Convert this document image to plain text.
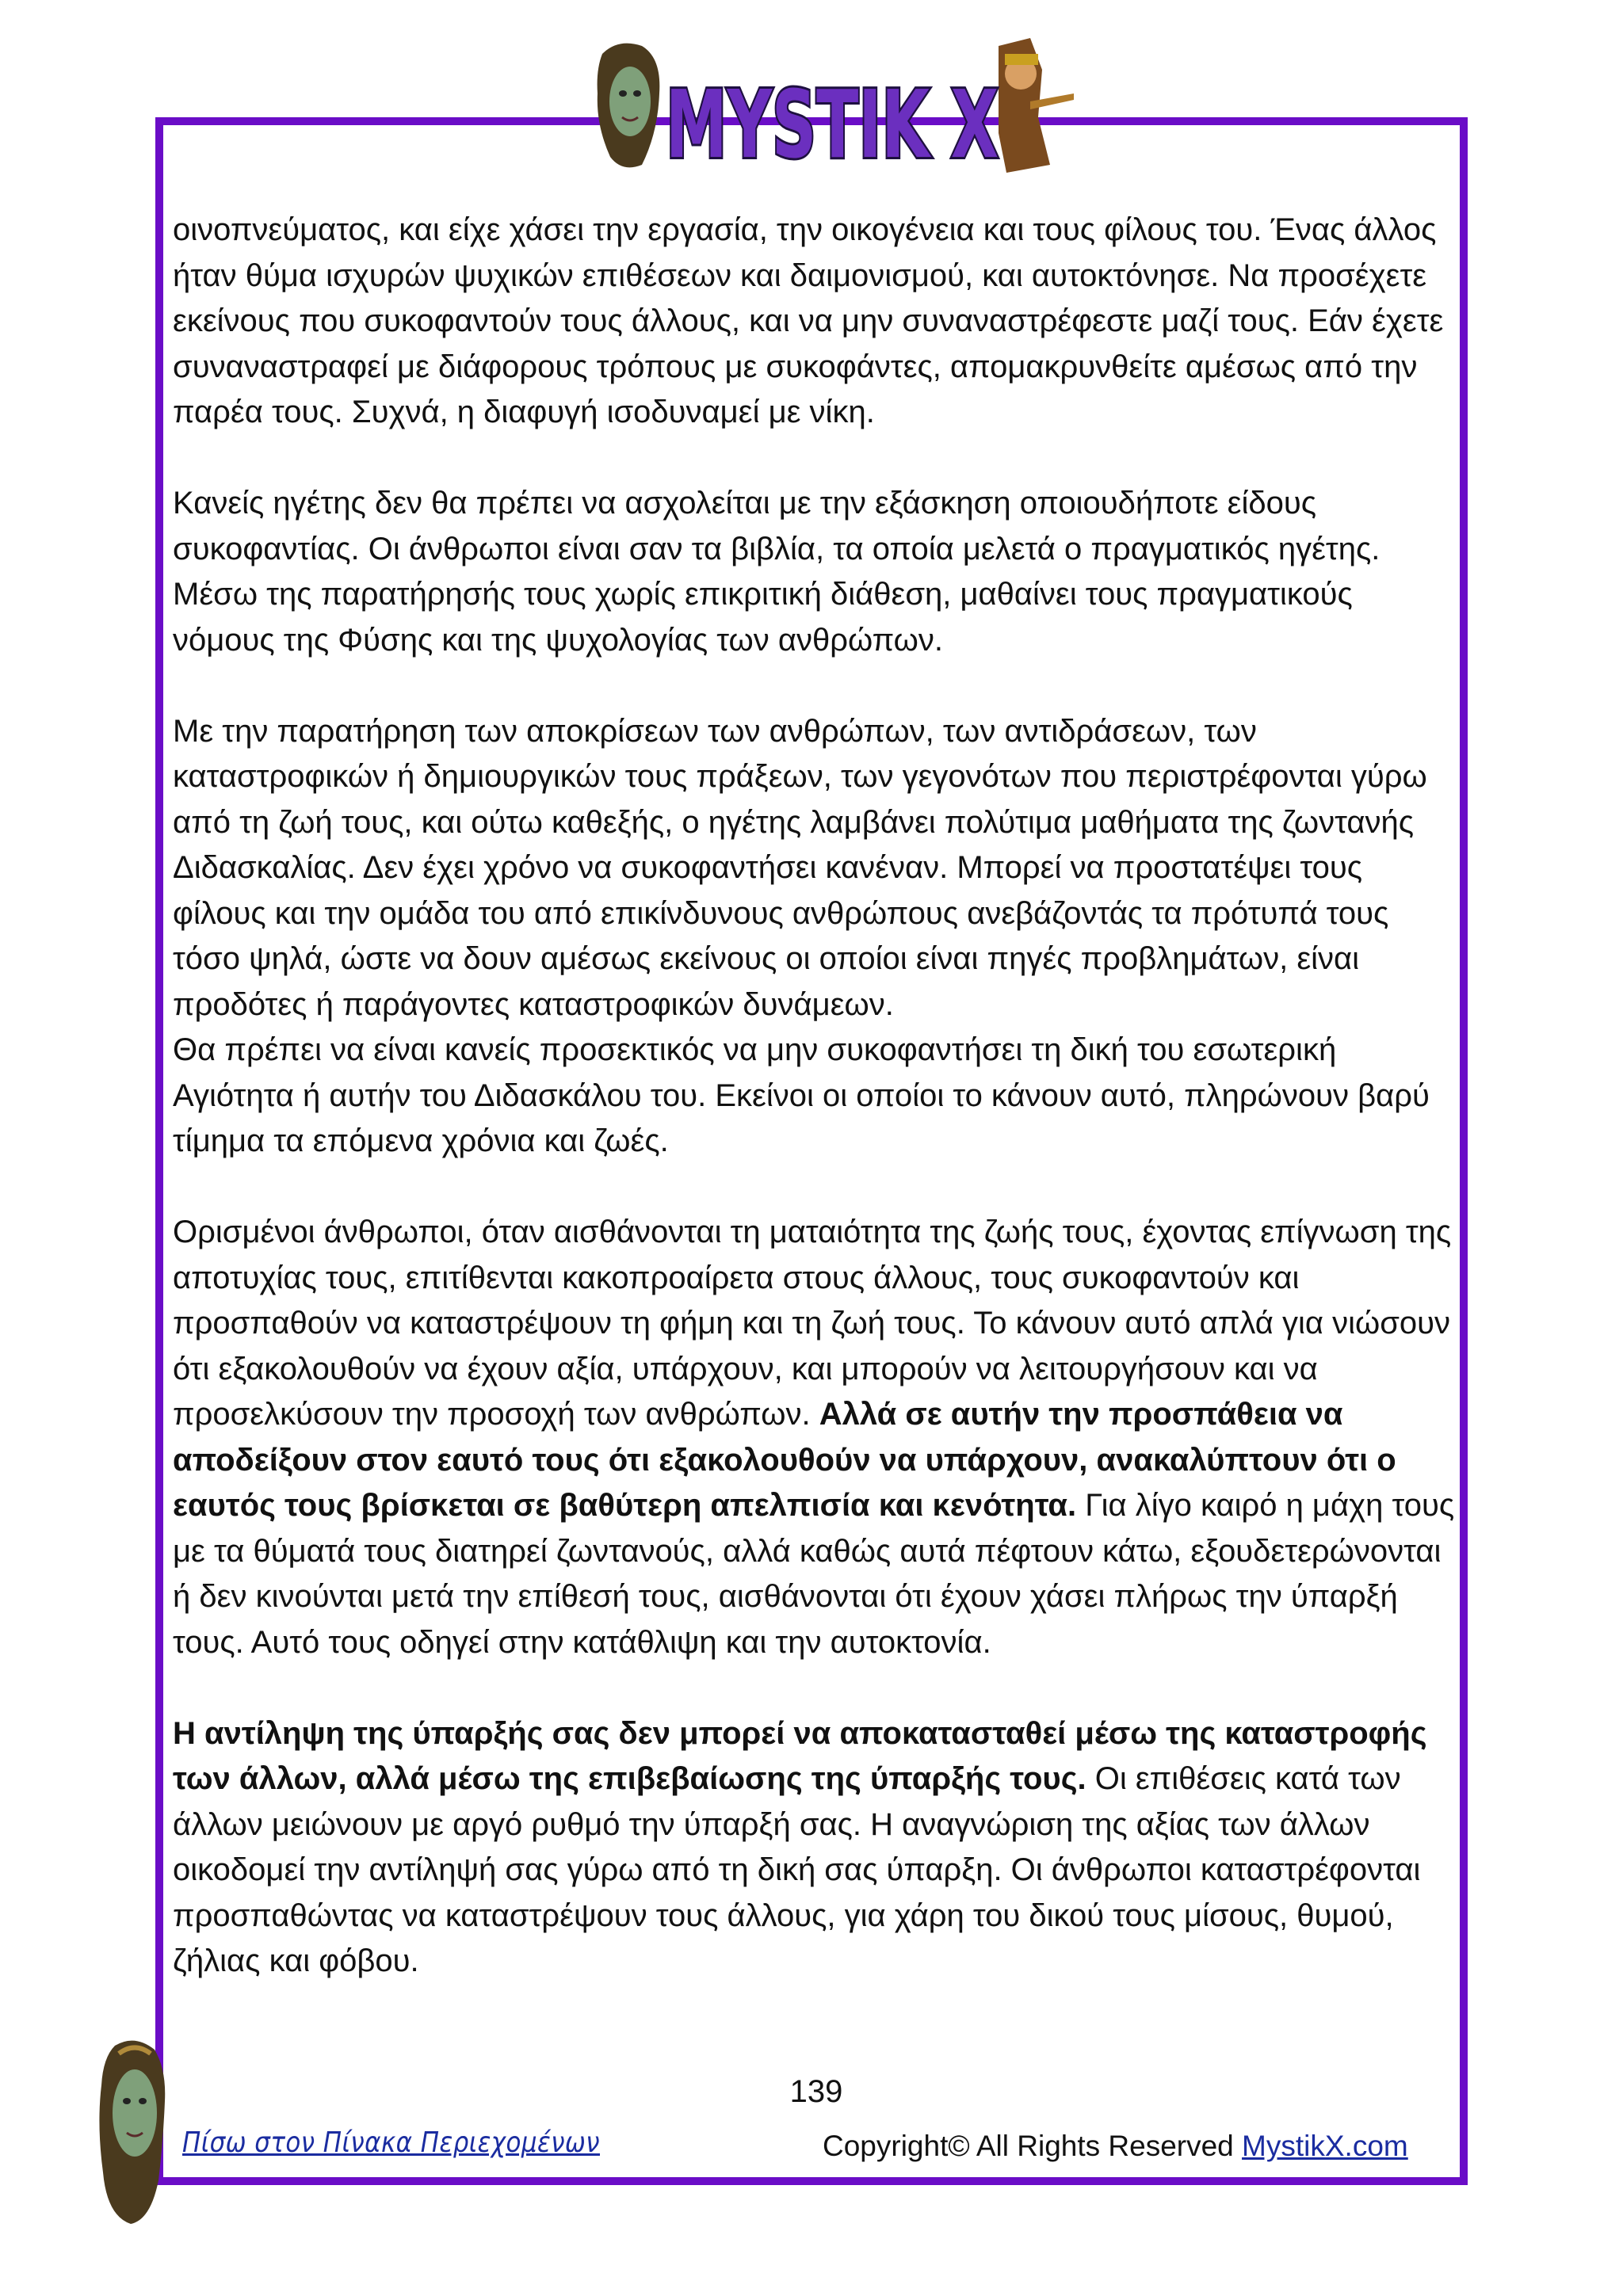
MYSTIK X

οινοπνεύματος, και είχε χάσει την εργασία, την οικογένεια και τους φίλους του. Ένας άλλος ήταν θύμα ισχυρών ψυχικών επιθέσεων και δαιμονισμού, και αυτοκτόνησε. Να προσέχετε εκείνους που συκοφαντούν τους άλλους, και να μην συναναστρέφεστε μαζί τους. Εάν έχετε συναναστραφεί με διάφορους τρόπους με συκοφάντες, απομακρυνθείτε αμέσως από την παρέα τους. Συχνά, η διαφυγή ισοδυναμεί με νίκη.

Κανείς ηγέτης δεν θα πρέπει να ασχολείται με την εξάσκηση οποιουδήποτε είδους συκοφαντίας. Οι άνθρωποι είναι σαν τα βιβλία, τα οποία μελετά ο πραγματικός ηγέτης. Μέσω της παρατήρησής τους χωρίς επικριτική διάθεση, μαθαίνει τους πραγματικούς νόμους της Φύσης και της ψυχολογίας των ανθρώπων.

Με την παρατήρηση των αποκρίσεων των ανθρώπων, των αντιδράσεων, των καταστροφικών ή δημιουργικών τους πράξεων, των γεγονότων που περιστρέφονται γύρω από τη ζωή τους, και ούτω καθεξής, ο ηγέτης λαμβάνει πολύτιμα μαθήματα της ζωντανής Διδασκαλίας. Δεν έχει χρόνο να συκοφαντήσει κανέναν. Μπορεί να προστατέψει τους φίλους και την ομάδα του από επικίνδυνους ανθρώπους ανεβάζοντάς τα πρότυπά τους τόσο ψηλά, ώστε να δουν αμέσως εκείνους οι οποίοι είναι πηγές προβλημάτων, είναι προδότες ή παράγοντες καταστροφικών δυνάμεων.

Θα πρέπει να είναι κανείς προσεκτικός να μην συκοφαντήσει τη δική του εσωτερική Αγιότητα ή αυτήν του Διδασκάλου του. Εκείνοι οι οποίοι το κάνουν αυτό, πληρώνουν βαρύ τίμημα τα επόμενα χρόνια και ζωές.

Ορισμένοι άνθρωποι, όταν αισθάνονται τη ματαιότητα της ζωής τους, έχοντας επίγνωση της αποτυχίας τους, επιτίθενται κακοπροαίρετα στους άλλους, τους συκοφαντούν και προσπαθούν να καταστρέψουν τη φήμη και τη ζωή τους. Το κάνουν αυτό απλά για νιώσουν ότι εξακολουθούν να έχουν αξία, υπάρχουν, και μπορούν να λειτουργήσουν και να προσελκύσουν την προσοχή των ανθρώπων. Αλλά σε αυτήν την προσπάθεια να αποδείξουν στον εαυτό τους ότι εξακολουθούν να υπάρχουν, ανακαλύπτουν ότι ο εαυτός τους βρίσκεται σε βαθύτερη απελπισία και κενότητα. Για λίγο καιρό η μάχη τους με τα θύματά τους διατηρεί ζωντανούς, αλλά καθώς αυτά πέφτουν κάτω, εξουδετερώνονται ή δεν κινούνται μετά την επίθεσή τους, αισθάνονται ότι έχουν χάσει πλήρως την ύπαρξή τους. Αυτό τους οδηγεί στην κατάθλιψη και την αυτοκτονία.

Η αντίληψη της ύπαρξής σας δεν μπορεί να αποκατασταθεί μέσω της καταστροφής των άλλων, αλλά μέσω της επιβεβαίωσης της ύπαρξής τους. Οι επιθέσεις κατά των άλλων μειώνουν με αργό ρυθμό την ύπαρξή σας. Η αναγνώριση της αξίας των άλλων οικοδομεί την αντίληψή σας γύρω από τη δική σας ύπαρξη. Οι άνθρωποι καταστρέφονται προσπαθώντας να καταστρέψουν τους άλλους, για χάρη του δικού τους μίσους, θυμού, ζήλιας και φόβου.

139
Πίσω στον Πίνακα Περιεχομένων	Copyright© All Rights Reserved MystikX.com
